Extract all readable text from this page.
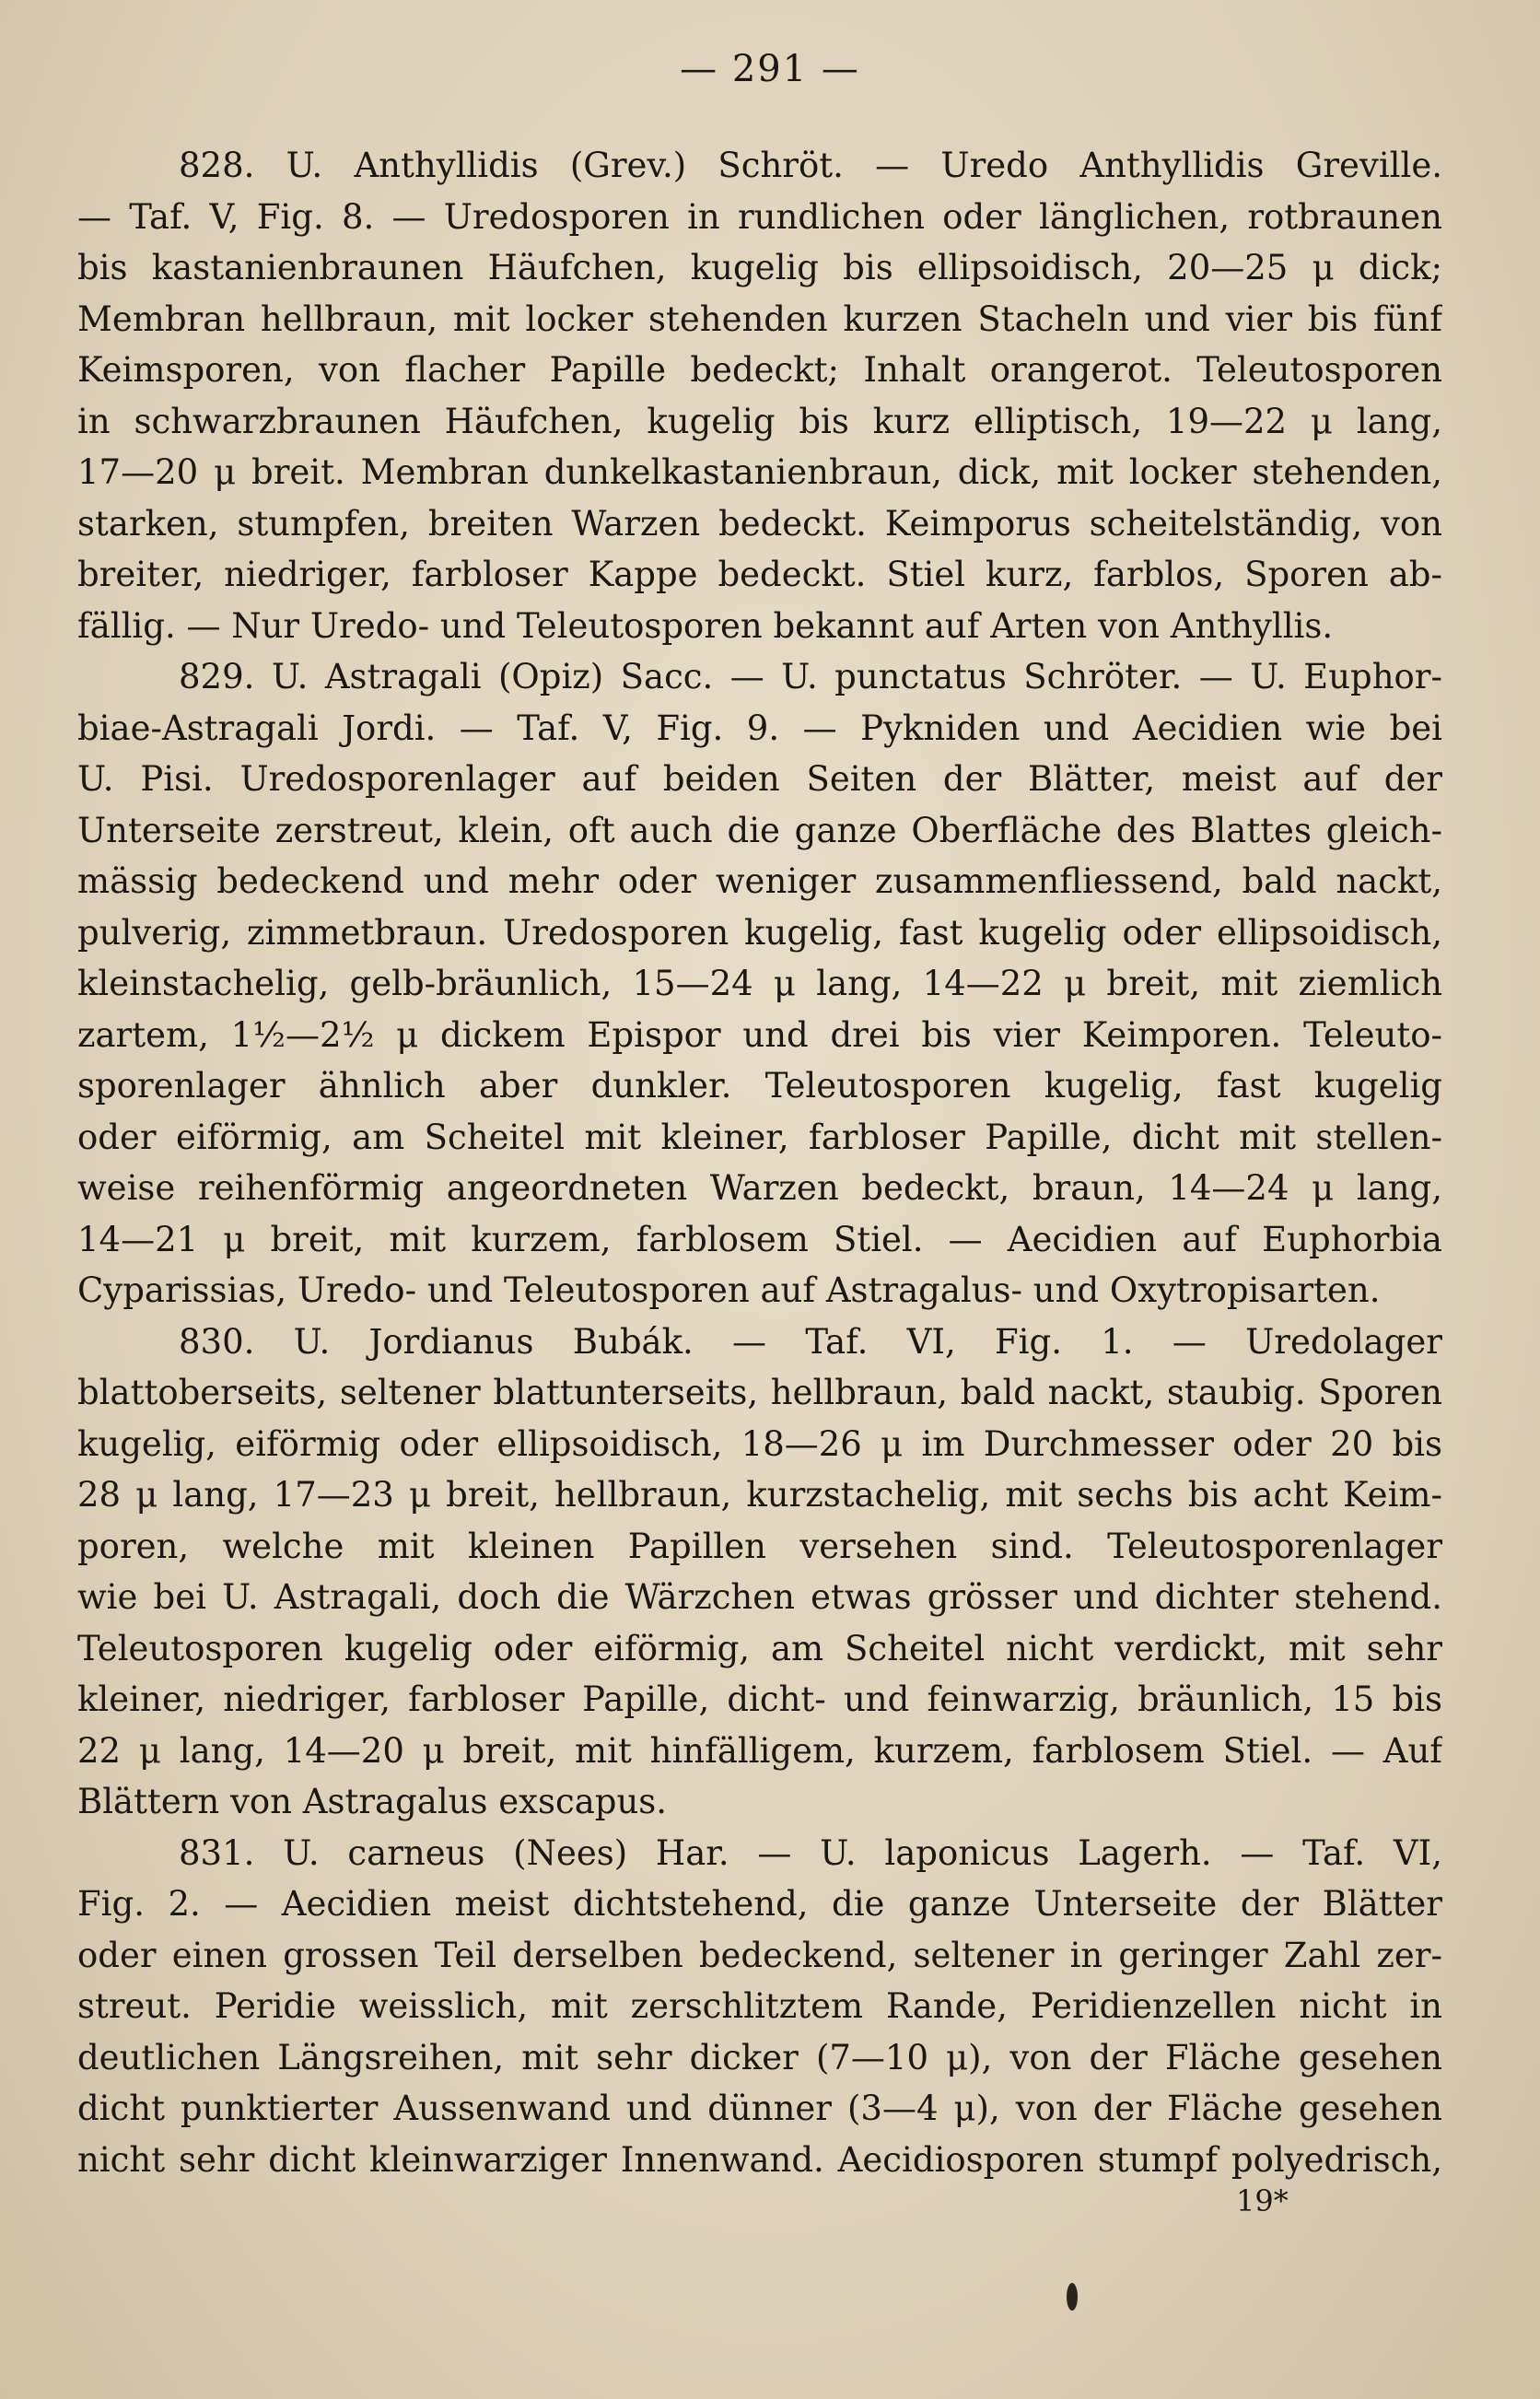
— 291 —
828. U. Anthyllidis (Grev.) Schröt. — Uredo Anthyllidis Greville.
— Taf. V, Fig. 8. — Uredosporen in rundlichen oder länglichen, rotbraunen
bis kastanienbraunen Häufchen, kugelig bis ellipsoidisch, 20—25 μ dick;
Membran hellbraun, mit locker stehenden kurzen Stacheln und vier bis fünf
Keimsporen, von flacher Papille bedeckt; Inhalt orangerot. Teleutosporen
in schwarzbraunen Häufchen, kugelig bis kurz elliptisch, 19—22 μ lang,
17—20 μ breit. Membran dunkelkastanienbraun, dick, mit locker stehenden,
starken, stumpfen, breiten Warzen bedeckt. Keimporus scheitelständig, von
breiter, niedriger, farbloser Kappe bedeckt. Stiel kurz, farblos, Sporen ab-
fällig. — Nur Uredo- und Teleutosporen bekannt auf Arten von Anthyllis.
829. U. Astragali (Opiz) Sacc. — U. punctatus Schröter. — U. Euphor-
biae-Astragali Jordi. — Taf. V, Fig. 9. — Pykniden und Aecidien wie bei
U. Pisi. Uredosporenlager auf beiden Seiten der Blätter, meist auf der
Unterseite zerstreut, klein, oft auch die ganze Oberfläche des Blattes gleich-
mässig bedeckend und mehr oder weniger zusammenfliessend, bald nackt,
pulverig, zimmetbraun. Uredosporen kugelig, fast kugelig oder ellipsoidisch,
kleinstachelig, gelb-bräunlich, 15—24 μ lang, 14—22 μ breit, mit ziemlich
zartem, 1½—2½ μ dickem Epispor und drei bis vier Keimporen. Teleuto-
sporenlager ähnlich aber dunkler. Teleutosporen kugelig, fast kugelig
oder eiförmig, am Scheitel mit kleiner, farbloser Papille, dicht mit stellen-
weise reihenförmig angeordneten Warzen bedeckt, braun, 14—24 μ lang,
14—21 μ breit, mit kurzem, farblosem Stiel. — Aecidien auf Euphorbia
Cyparissias, Uredo- und Teleutosporen auf Astragalus- und Oxytropisarten.
830. U. Jordianus Bubák. — Taf. VI, Fig. 1. — Uredolager
blattoberseits, seltener blattunterseits, hellbraun, bald nackt, staubig. Sporen
kugelig, eiförmig oder ellipsoidisch, 18—26 μ im Durchmesser oder 20 bis
28 μ lang, 17—23 μ breit, hellbraun, kurzstachelig, mit sechs bis acht Keim-
poren, welche mit kleinen Papillen versehen sind. Teleutosporenlager
wie bei U. Astragali, doch die Wärzchen etwas grösser und dichter stehend.
Teleutosporen kugelig oder eiförmig, am Scheitel nicht verdickt, mit sehr
kleiner, niedriger, farbloser Papille, dicht- und feinwarzig, bräunlich, 15 bis
22 μ lang, 14—20 μ breit, mit hinfälligem, kurzem, farblosem Stiel. — Auf
Blättern von Astragalus exscapus.
831. U. carneus (Nees) Har. — U. laponicus Lagerh. — Taf. VI,
Fig. 2. — Aecidien meist dichtstehend, die ganze Unterseite der Blätter
oder einen grossen Teil derselben bedeckend, seltener in geringer Zahl zer-
streut. Peridie weisslich, mit zerschlitztem Rande, Peridienzellen nicht in
deutlichen Längsreihen, mit sehr dicker (7—10 μ), von der Fläche gesehen
dicht punktierter Aussenwand und dünner (3—4 μ), von der Fläche gesehen
nicht sehr dicht kleinwarziger Innenwand. Aecidiosporen stumpf polyedrisch,
19*
